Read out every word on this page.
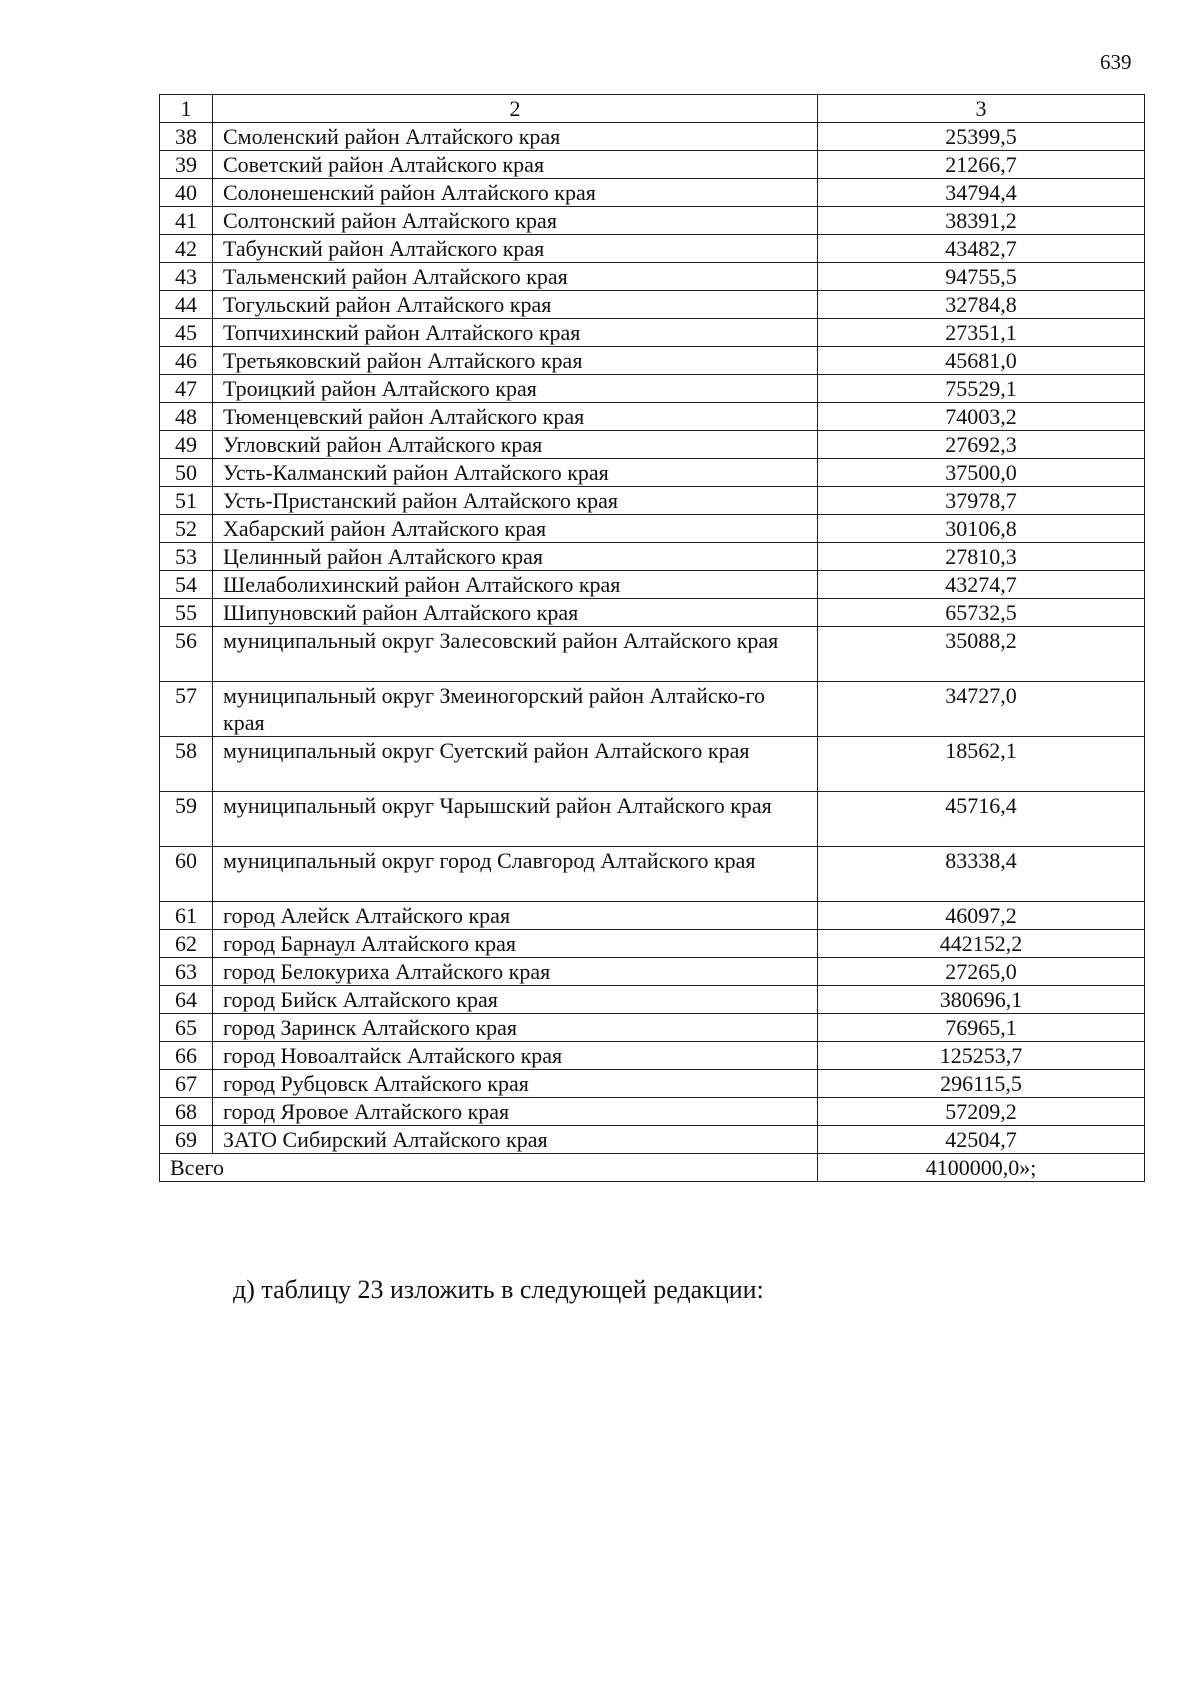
639
1	2	3
38	Смоленский район Алтайского края	25399,5
39	Советский район Алтайского края	21266,7
40	Солонешенский район Алтайского края	34794,4
41	Солтонский район Алтайского края	38391,2
42	Табунский район Алтайского края	43482,7
43	Тальменский район Алтайского края	94755,5
44	Тогульский район Алтайского края	32784,8
45	Топчихинский район Алтайского края	27351,1
46	Третьяковский район Алтайского края	45681,0
47	Троицкий район Алтайского края	75529,1
48	Тюменцевский район Алтайского края	74003,2
49	Угловский район Алтайского края	27692,3
50	Усть-Калманский район Алтайского края	37500,0
51	Усть-Пристанский район Алтайского края	37978,7
52	Хабарский район Алтайского края	30106,8
53	Целинный район Алтайского края	27810,3
54	Шелаболихинский район Алтайского края	43274,7
55	Шипуновский район Алтайского края	65732,5
56	муниципальный округ Залесовский район Алтайского края	35088,2
57	муниципальный округ Змеиногорский район Алтайско-го края	34727,0
58	муниципальный округ Суетский район Алтайского края	18562,1
59	муниципальный округ Чарышский район Алтайского края	45716,4
60	муниципальный округ город Славгород Алтайского края	83338,4
61	город Алейск Алтайского края	46097,2
62	город Барнаул Алтайского края	442152,2
63	город Белокуриха Алтайского края	27265,0
64	город Бийск Алтайского края	380696,1
65	город Заринск Алтайского края	76965,1
66	город Новоалтайск Алтайского края	125253,7
67	город Рубцовск Алтайского края	296115,5
68	город Яровое Алтайского края	57209,2
69	ЗАТО Сибирский Алтайского края	42504,7
Всего		4100000,0»;
д) таблицу 23 изложить в следующей редакции:
